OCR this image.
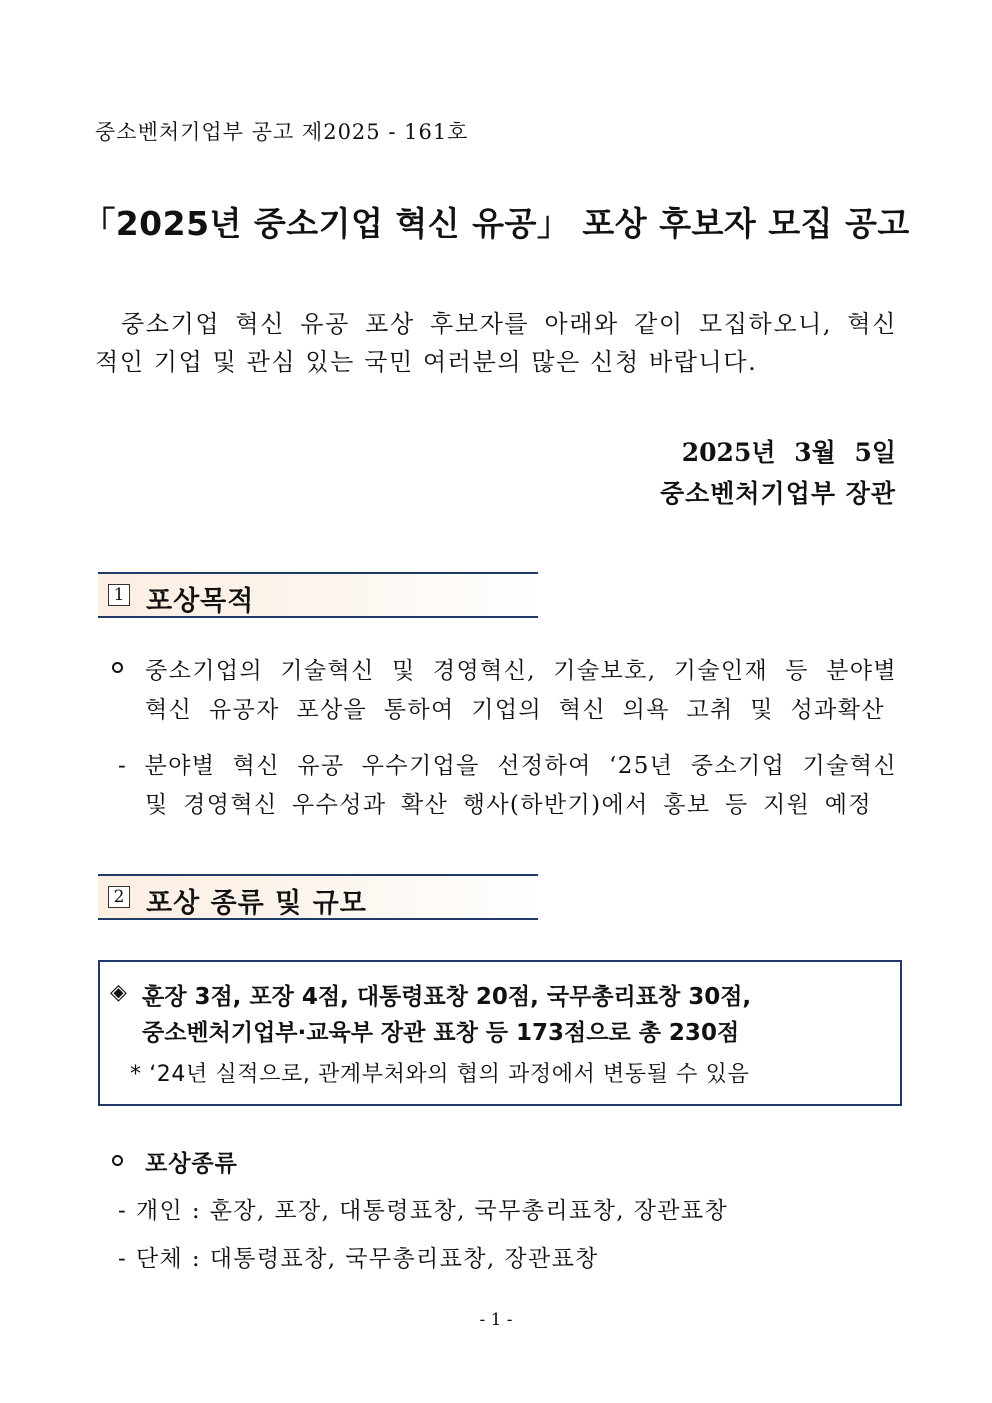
중소벤처기업부 공고 제2025 - 161호
「2025년 중소기업 혁신 유공」 포상 후보자 모집 공고
중소기업 혁신 유공 포상 후보자를 아래와 같이 모집하오니, 혁신
적인 기업 및 관심 있는 국민 여러분의 많은 신청 바랍니다.
2025년 3월 5일
중소벤처기업부 장관
1 포상목적
중소기업의 기술혁신 및 경영혁신, 기술보호, 기술인재 등 분야별
혁신 유공자 포상을 통하여 기업의 혁신 의욕 고취 및 성과확산
- 분야별 혁신 유공 우수기업을 선정하여 ‘25년 중소기업 기술혁신
및 경영혁신 우수성과 확산 행사(하반기)에서 홍보 등 지원 예정
2 포상 종류 및 규모
◈ 훈장 3점, 포장 4점, 대통령표창 20점, 국무총리표창 30점,
중소벤처기업부·교육부 장관 표창 등 173점으로 총 230점
* ‘24년 실적으로, 관계부처와의 협의 과정에서 변동될 수 있음
포상종류
- 개인 : 훈장, 포장, 대통령표창, 국무총리표창, 장관표창
- 단체 : 대통령표창, 국무총리표창, 장관표창
- 1 -
